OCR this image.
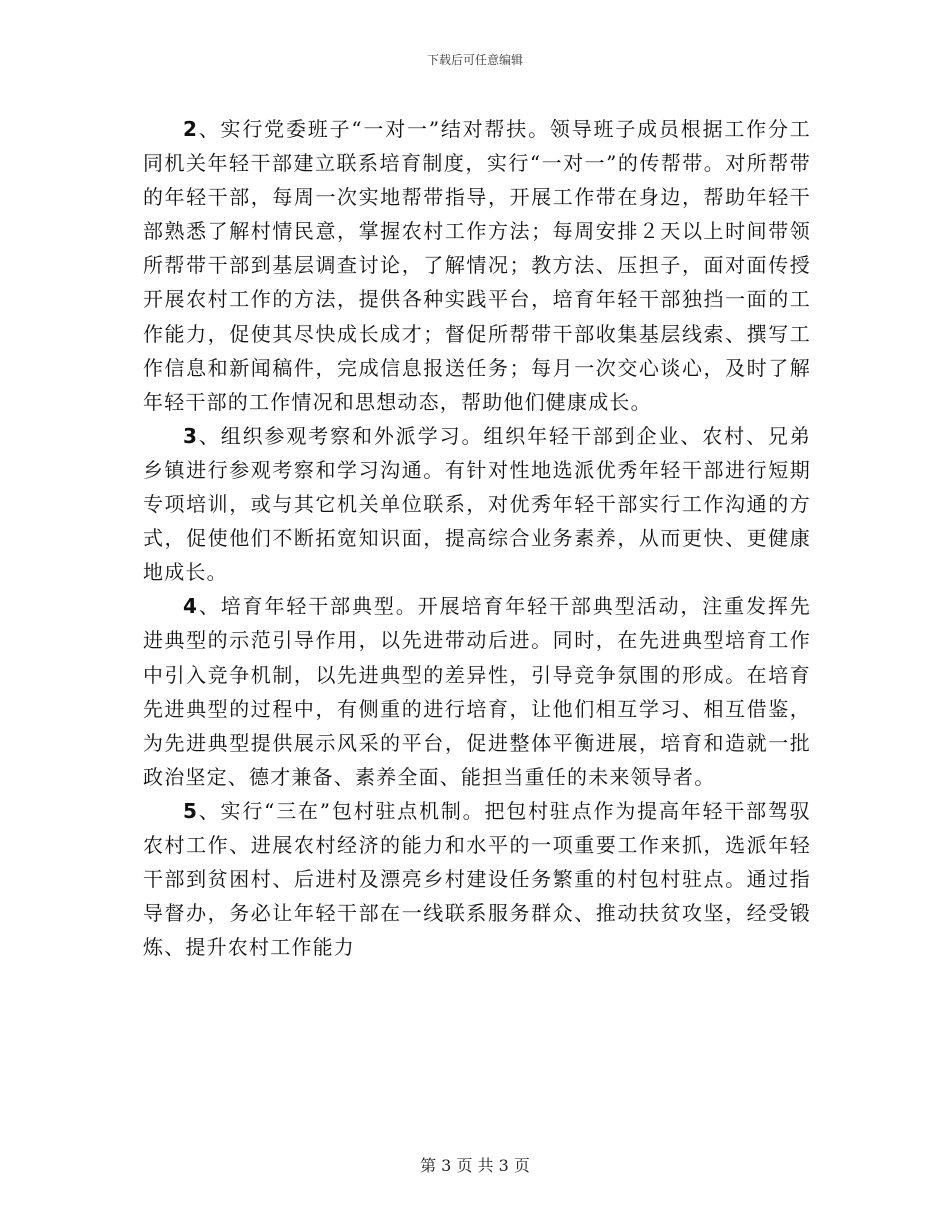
下载后可任意编辑

2、实行党委班子“一对一”结对帮扶。领导班子成员根据工作分工同机关年轻干部建立联系培育制度，实行“一对一”的传帮带。对所帮带的年轻干部，每周一次实地帮带指导，开展工作带在身边，帮助年轻干部熟悉了解村情民意，掌握农村工作方法；每周安排２天以上时间带领所帮带干部到基层调查讨论，了解情况；教方法、压担子，面对面传授开展农村工作的方法，提供各种实践平台，培育年轻干部独挡一面的工作能力，促使其尽快成长成才；督促所帮带干部收集基层线索、撰写工作信息和新闻稿件，完成信息报送任务；每月一次交心谈心，及时了解年轻干部的工作情况和思想动态，帮助他们健康成长。

3、组织参观考察和外派学习。组织年轻干部到企业、农村、兄弟乡镇进行参观考察和学习沟通。有针对性地选派优秀年轻干部进行短期专项培训，或与其它机关单位联系，对优秀年轻干部实行工作沟通的方式，促使他们不断拓宽知识面，提高综合业务素养，从而更快、更健康地成长。

4、培育年轻干部典型。开展培育年轻干部典型活动，注重发挥先进典型的示范引导作用，以先进带动后进。同时，在先进典型培育工作中引入竞争机制，以先进典型的差异性，引导竞争氛围的形成。在培育先进典型的过程中，有侧重的进行培育，让他们相互学习、相互借鉴，为先进典型提供展示风采的平台，促进整体平衡进展，培育和造就一批政治坚定、德才兼备、素养全面、能担当重任的未来领导者。

5、实行“三在”包村驻点机制。把包村驻点作为提高年轻干部驾驭农村工作、进展农村经济的能力和水平的一项重要工作来抓，选派年轻干部到贫困村、后进村及漂亮乡村建设任务繁重的村包村驻点。通过指导督办，务必让年轻干部在一线联系服务群众、推动扶贫攻坚，经受锻炼、提升农村工作能力

第 3 页 共 3 页
